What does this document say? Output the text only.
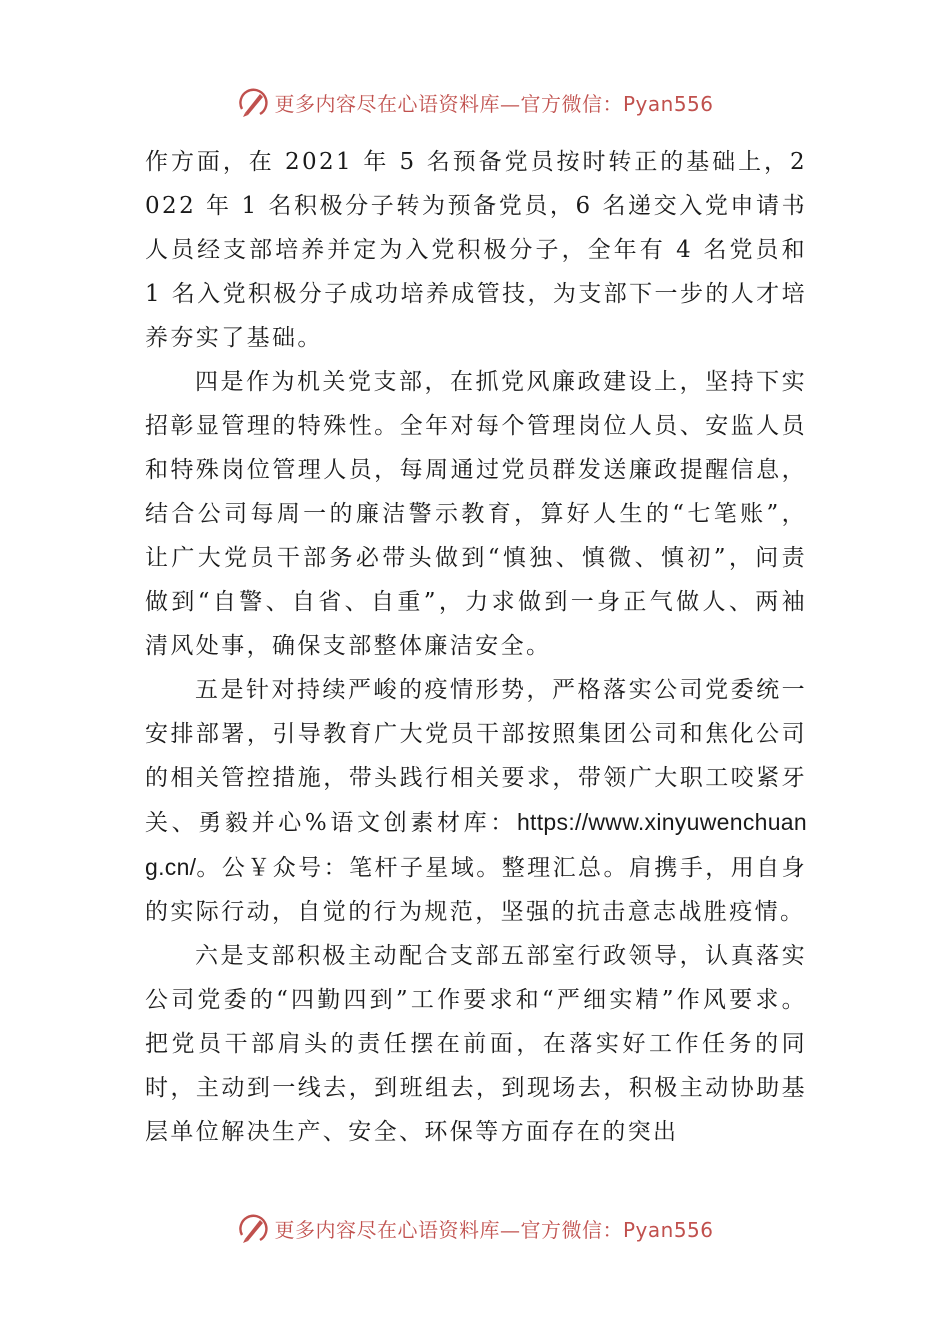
更多内容尽在心语资料库—官方微信：Pyan556

作方面，在 2021 年 5 名预备党员按时转正的基础上，2022 年 1 名积极分子转为预备党员，6 名递交入党申请书人员经支部培养并定为入党积极分子，全年有 4 名党员和 1 名入党积极分子成功培养成管技，为支部下一步的人才培养夯实了基础。

四是作为机关党支部，在抓党风廉政建设上，坚持下实招彰显管理的特殊性。全年对每个管理岗位人员、安监人员和特殊岗位管理人员，每周通过党员群发送廉政提醒信息，结合公司每周一的廉洁警示教育，算好人生的“七笔账”，让广大党员干部务必带头做到“慎独、慎微、慎初”，问责做到“自警、自省、自重”，力求做到一身正气做人、两袖清风处事，确保支部整体廉洁安全。

五是针对持续严峻的疫情形势，严格落实公司党委统一安排部署，引导教育广大党员干部按照集团公司和焦化公司的相关管控措施，带头践行相关要求，带领广大职工咬紧牙关、勇毅并心%语文创素材库：https://www.xinyuwenchuang.cn/。公￥众号：笔杆子星域。整理汇总。肩携手，用自身的实际行动，自觉的行为规范，坚强的抗击意志战胜疫情。

六是支部积极主动配合支部五部室行政领导，认真落实公司党委的“四勤四到”工作要求和“严细实精”作风要求。把党员干部肩头的责任摆在前面，在落实好工作任务的同时，主动到一线去，到班组去，到现场去，积极主动协助基层单位解决生产、安全、环保等方面存在的突出

更多内容尽在心语资料库—官方微信：Pyan556
